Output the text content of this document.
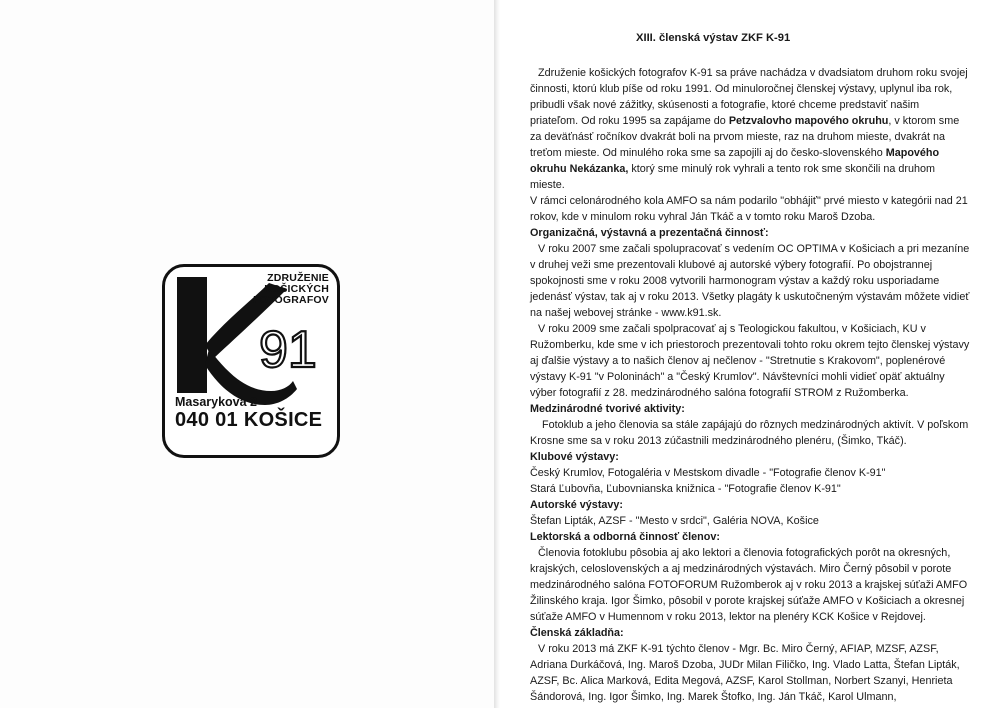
91
ZDRUŽENIE
KOŠICKÝCH
FOTOGRAFOV
Masarykova 2
040 01 KOŠICE
XIII. členská výstav ZKF K-91

Združenie košických fotografov K-91 sa práve nachádza v dvadsiatom druhom roku svojej činnosti, ktorú klub píše od roku 1991. Od minuloročnej členskej výstavy, uplynul iba rok, pribudli však nové zážitky, skúsenosti a fotografie, ktoré chceme predstaviť našim priateľom. Od roku 1995 sa zapájame do Petzvalovho mapového okruhu, v ktorom sme za deväťnásť ročníkov dvakrát boli na prvom mieste, raz na druhom mieste, dvakrát na treťom mieste. Od minulého roka sme sa zapojili aj do česko-slovenského Mapového okruhu Nekázanka, ktorý sme minulý rok vyhrali a tento rok sme skončili na druhom mieste.

V rámci celonárodného kola AMFO sa nám podarilo "obhájiť" prvé miesto v kategórii nad 21 rokov, kde v minulom roku vyhral Ján Tkáč a v tomto roku Maroš Dzoba.

Organizačná, výstavná a prezentačná činnosť:

V roku 2007 sme začali spolupracovať s vedením OC OPTIMA v Košiciach a pri mezaníne v druhej veži sme prezentovali klubové aj autorské výbery fotografií. Po obojstrannej spokojnosti sme v roku 2008 vytvorili harmonogram výstav a každý roku usporiadame jedenásť výstav, tak aj v roku 2013. Všetky plagáty k uskutočneným výstavám môžete vidieť na našej webovej stránke - www.k91.sk.

V roku 2009 sme začali spolpracovať aj s Teologickou fakultou, v Košiciach, KU v Ružomberku, kde sme v ich priestoroch prezentovali tohto roku okrem tejto členskej výstavy aj ďalšie výstavy a to našich členov aj nečlenov - "Stretnutie s Krakovom", poplenérové výstavy K-91 "v Poloninách" a "Český Krumlov". Návštevníci mohli vidieť opäť aktuálny výber fotografií z 28. medzinárodného salóna fotografií STROM z Ružomberka.

Medzinárodné tvorivé aktivity:

Fotoklub a jeho členovia sa stále zapájajú do rôznych medzinárodných aktivít. V poľskom Krosne sme sa v roku 2013 zúčastnili medzinárodného plenéru, (Šimko, Tkáč).

Klubové výstavy:

Český Krumlov, Fotogaléria v Mestskom divadle - "Fotografie členov K-91"

Stará Ľubovňa, Ľubovnianska knižnica - "Fotografie členov K-91"

Autorské výstavy:

Štefan Lipták, AZSF - "Mesto v srdci", Galéria NOVA, Košice

Lektorská a odborná činnosť členov:

Členovia fotoklubu pôsobia aj ako lektori a členovia fotografických porôt na okresných, krajských, celoslovenských a aj medzinárodných výstavách. Miro Černý pôsobil v porote medzinárodného salóna FOTOFORUM Ružomberok aj v roku 2013 a krajskej súťaži AMFO Žilinského kraja. Igor Šimko, pôsobil v porote krajskej súťaže AMFO v Košiciach a okresnej súťaže AMFO v Humennom v roku 2013, lektor na plenéry KCK Košice v Rejdovej.

Členská základňa:

V roku 2013 má ZKF K-91 týchto členov - Mgr. Bc. Miro Černý, AFIAP, MZSF, AZSF, Adriana Durkáčová, Ing. Maroš Dzoba, JUDr Milan Filičko, Ing. Vlado Latta, Štefan Lipták, AZSF, Bc. Alica Marková, Edita Megová, AZSF, Karol Stollman, Norbert Szanyi, Henrieta Šándorová, Ing. Igor Šimko, Ing. Marek Štofko, Ing. Ján Tkáč, Karol Ulmann,
